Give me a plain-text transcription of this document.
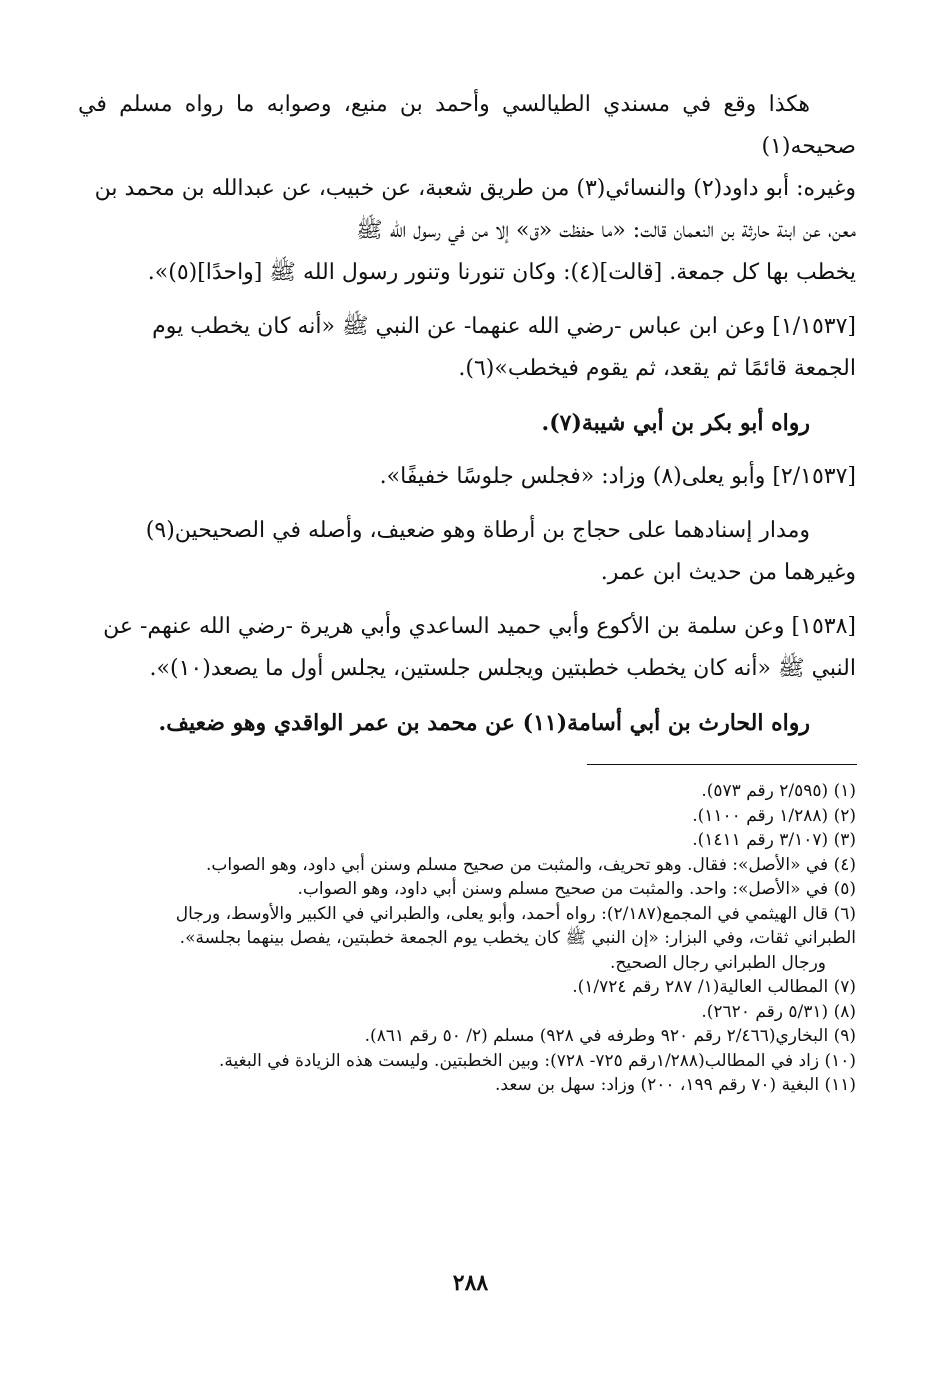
هكذا وقع في مسندي الطيالسي وأحمد بن منيع، وصوابه ما رواه مسلم في صحيحه(١)

وغيره: أبو داود(٢) والنسائي(٣) من طريق شعبة، عن خبيب، عن عبدالله بن محمد بن

معن، عن ابنة حارثة بن النعمان قالت: «ما حفظت «ق» إلا من في رسول الله ﷺ

يخطب بها كل جمعة. [قالت](٤): وكان تنورنا وتنور رسول الله ﷺ [واحدًا](٥)».

[١/١٥٣٧] وعن ابن عباس -رضي الله عنهما- عن النبي ﷺ «أنه كان يخطب يوم

الجمعة قائمًا ثم يقعد، ثم يقوم فيخطب»(٦).

رواه أبو بكر بن أبي شيبة(٧).

[٢/١٥٣٧] وأبو يعلى(٨) وزاد: «فجلس جلوسًا خفيفًا».

ومدار إسنادهما على حجاج بن أرطاة وهو ضعيف، وأصله في الصحيحين(٩)

وغيرهما من حديث ابن عمر.

[١٥٣٨] وعن سلمة بن الأكوع وأبي حميد الساعدي وأبي هريرة -رضي الله عنهم- عن

النبي ﷺ «أنه كان يخطب خطبتين ويجلس جلستين، يجلس أول ما يصعد(١٠)».

رواه الحارث بن أبي أسامة(١١) عن محمد بن عمر الواقدي وهو ضعيف.

(١) (٢/٥٩٥ رقم ٥٧٣).

(٢) (١/٢٨٨ رقم ١١٠٠).

(٣) (٣/١٠٧ رقم ١٤١١).

(٤) في «الأصل»: فقال. وهو تحريف، والمثبت من صحيح مسلم وسنن أبي داود، وهو الصواب.

(٥) في «الأصل»: واحد. والمثبت من صحيح مسلم وسنن أبي داود، وهو الصواب.

(٦) قال الهيثمي في المجمع(٢/١٨٧): رواه أحمد، وأبو يعلى، والطبراني في الكبير والأوسط، ورجال

الطبراني ثقات، وفي البزار: «إن النبي ﷺ كان يخطب يوم الجمعة خطبتين، يفصل بينهما بجلسة».

ورجال الطبراني رجال الصحيح.

(٧) المطالب العالية(١/ ٢٨٧ رقم ١/٧٢٤).

(٨) (٥/٣١ رقم ٢٦٢٠).

(٩) البخاري(٢/٤٦٦ رقم ٩٢٠ وطرفه في ٩٢٨) مسلم (٢/ ٥٠ رقم ٨٦١).

(١٠) زاد في المطالب(١/٢٨٨رقم ٧٢٥- ٧٢٨): وبين الخطبتين. وليست هذه الزيادة في البغية.

(١١) البغية (٧٠ رقم ١٩٩، ٢٠٠) وزاد: سهل بن سعد.

٢٨٨
